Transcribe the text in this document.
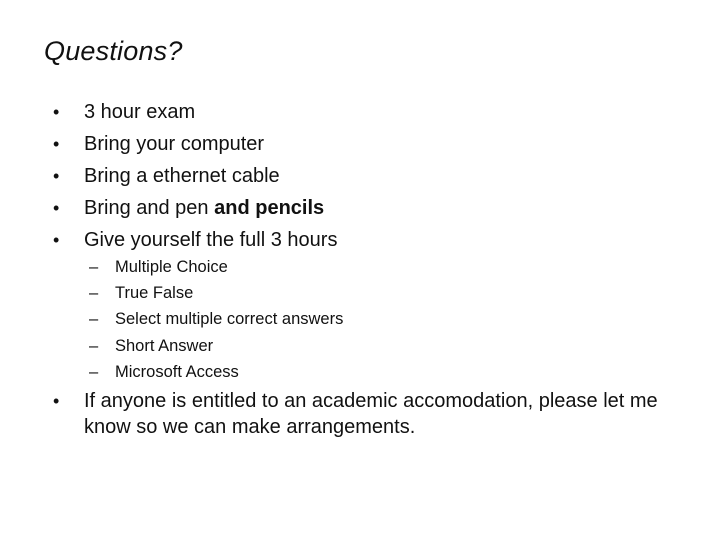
Questions?
• 3 hour exam
• Bring your computer
• Bring a ethernet cable
• Bring and pen and pencils
• Give yourself the full 3 hours
– Multiple Choice
– True False
– Select multiple correct answers
– Short Answer
– Microsoft Access
• If anyone is entitled to an academic accomodation, please let me know so we can make arrangements.
